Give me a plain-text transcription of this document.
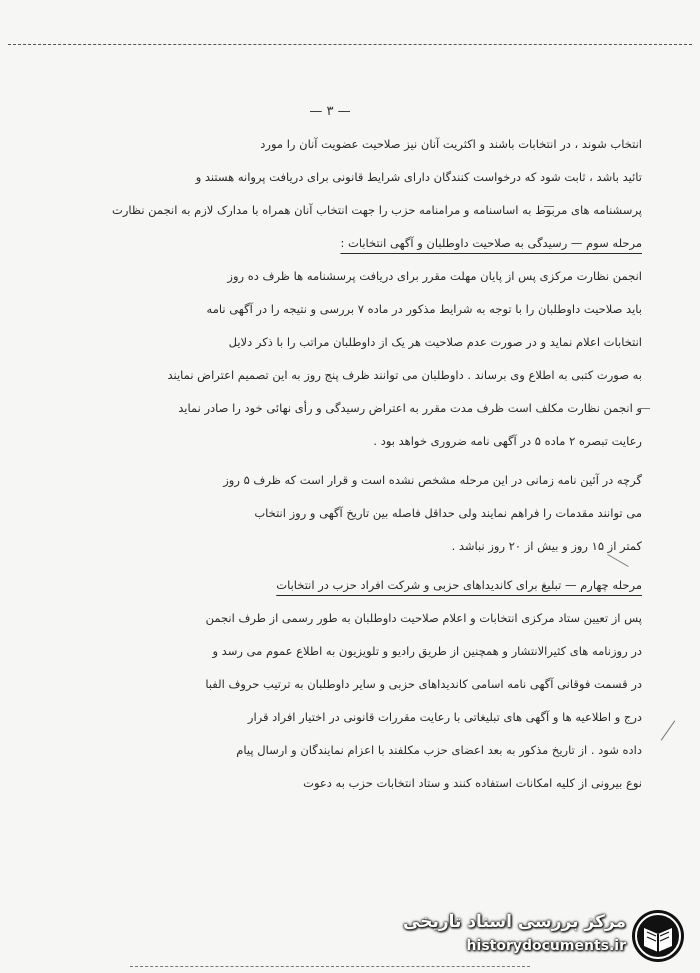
— ۳ —
انتخاب شوند ، در انتخابات باشند و اکثریت آنان نیز صلاحیت عضویت آنان را مورد
تائید باشد ، ثابت شود که درخواست کنندگان دارای شرایط قانونی برای دریافت پروانه هستند و
پرسشنامه های مربوط به اساسنامه و مرامنامه حزب را جهت انتخاب آنان همراه با مدارک لازم به انجمن نظارت
مرحله سوم — رسیدگی به صلاحیت داوطلبان و آگهی انتخابات :
انجمن نظارت مرکزی پس از پایان مهلت مقرر برای دریافت پرسشنامه ها ظرف ده روز
باید صلاحیت داوطلبان را با توجه به شرایط مذکور در ماده ۷ بررسی و نتیجه را در آگهی نامه
انتخابات اعلام نماید و در صورت عدم صلاحیت هر یک از داوطلبان مراتب را با ذکر دلایل
به صورت کتبی به اطلاع وی برساند . داوطلبان می توانند ظرف پنج روز به این تصمیم اعتراض نمایند
و انجمن نظارت مکلف است ظرف مدت مقرر به اعتراض رسیدگی و رأی نهائی خود را صادر نماید
رعایت تبصره ۲ ماده ۵ در آگهی نامه ضروری خواهد بود .
گرچه در آئین نامه زمانی در این مرحله مشخص نشده است و قرار است که ظرف ۵ روز
می توانند مقدمات را فراهم نمایند ولی حداقل فاصله بین تاریخ آگهی و روز انتخاب
کمتر از ۱۵ روز و بیش از ۲۰ روز نباشد .
مرحله چهارم — تبلیغ برای کاندیداهای حزبی و شرکت افراد حزب در انتخابات
پس از تعیین ستاد مرکزی انتخابات و اعلام صلاحیت داوطلبان به طور رسمی از طرف انجمن
در روزنامه های کثیرالانتشار و همچنین از طریق رادیو و تلویزیون به اطلاع عموم می رسد و
در قسمت فوقانی آگهی نامه اسامی کاندیداهای حزبی و سایر داوطلبان به ترتیب حروف الفبا
درج و اطلاعیه ها و آگهی های تبلیغاتی با رعایت مقررات قانونی در اختیار افراد قرار
داده شود . از تاریخ مذکور به بعد اعضای حزب مکلفند با اعزام نمایندگان و ارسال پیام
نوع بیرونی از کلیه امکانات استفاده کنند و ستاد انتخابات حزب به دعوت
مرکز بررسی اسناد تاریخی
historydocuments.ir
